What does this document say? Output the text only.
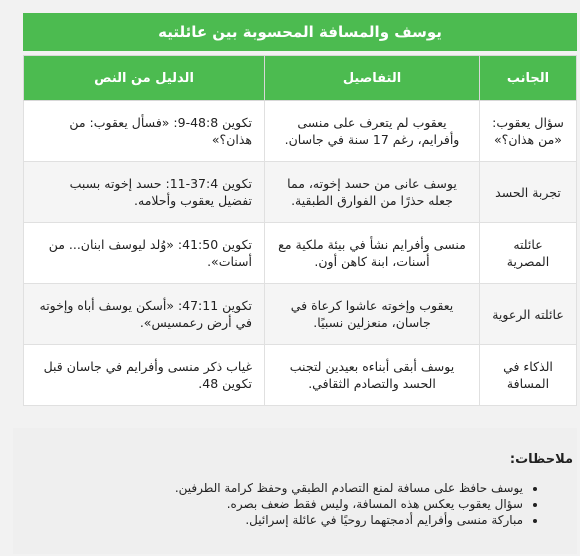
يوسف والمسافة المحسوبة بين عائلتيه
الجانب	التفاصيل	الدليل من النص
سؤال يعقوب: «من هذان؟»	يعقوب لم يتعرف على منسى وأفرايم، رغم 17 سنة في جاسان.	تكوين 48:8-9: «فسأل يعقوب: من هذان؟»
تجربة الحسد	يوسف عانى من حسد إخوته، مما جعله حذرًا من الفوارق الطبقية.	تكوين 37:4-11: حسد إخوته بسبب تفضيل يعقوب وأحلامه.
عائلته المصرية	منسى وأفرايم نشأ في بيئة ملكية مع أسنات، ابنة كاهن أون.	تكوين 41:50: «وُلد ليوسف ابنان... من أسنات».
عائلته الرعوية	يعقوب وإخوته عاشوا كرعاة في جاسان، منعزلين نسبيًا.	تكوين 47:11: «أسكن يوسف أباه وإخوته في أرض رعمسيس».
الذكاء في المسافة	يوسف أبقى أبناءه بعيدين لتجنب الحسد والتصادم الثقافي.	غياب ذكر منسى وأفرايم في جاسان قبل تكوين 48.
ملاحظات:
• يوسف حافظ على مسافة لمنع التصادم الطبقي وحفظ كرامة الطرفين.
• سؤال يعقوب يعكس هذه المسافة، وليس فقط ضعف بصره.
• مباركة منسى وأفرايم أدمجتهما روحيًا في عائلة إسرائيل.
